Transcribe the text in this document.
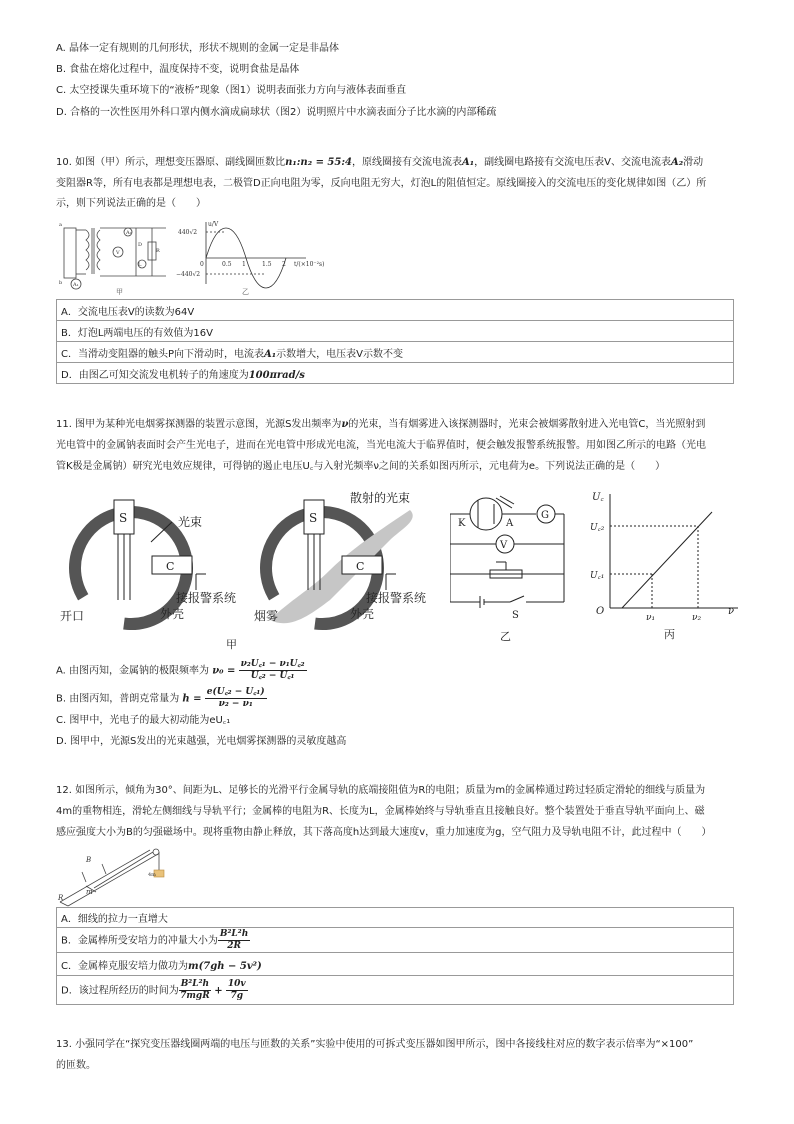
A. 晶体一定有规则的几何形状，形状不规则的金属一定是非晶体
B. 食盐在熔化过程中，温度保持不变，说明食盐是晶体
C. 太空授课失重环境下的“液桥”现象（图1）说明表面张力方向与液体表面垂直
D. 合格的一次性医用外科口罩内侧水滴成扁球状（图2）说明照片中水滴表面分子比水滴的内部稀疏
10. 如图（甲）所示，理想变压器原、副线圈匝数比n₁:n₂ = 55:4，原线圈接有交流电流表A₁，副线圈电路接有交流电压表V、交流电流表A₂滑动
变阻器R等，所有电表都是理想电表，二极管D正向电阻为零，反向电阻无穷大，灯泡L的阻值恒定。原线圈接入的交流电压的变化规律如图（乙）所
示，则下列说法正确的是（　　）
V
A₂
D
L
R
a
b A₁
甲
u/V
440√2
−440√2
0	0.5 1	1.5 2 t/(×10⁻²s)
乙
A．交流电压表V的读数为64V
B．灯泡L两端电压的有效值为16V
C．当滑动变阻器的触头P向下滑动时，电流表A₁示数增大，电压表V示数不变
D．由图乙可知交流发电机转子的角速度为100πrad/s
11. 图甲为某种光电烟雾探测器的装置示意图，光源S发出频率为ν的光束，当有烟雾进入该探测器时，光束会被烟雾散射进入光电管C，当光照射到
光电管中的金属钠表面时会产生光电子，进而在光电管中形成光电流，当光电流大于临界值时，便会触发报警系统报警。用如图乙所示的电路（光电
管K极是金属钠）研究光电效应规律，可得钠的遏止电压U꜀与入射光频率ν之间的关系如图丙所示，元电荷为e。下列说法正确的是（　　）
S	光束
C
接报警系统
开口	外壳
S
散射的光束
C
接报警系统
烟雾	外壳
甲
K	A
G
V
S
乙
U꜀
U꜀₂
U꜀₁
O
ν₁	ν₂
ν
丙
A. 由图丙知，金属钠的极限频率为 $\nu_0 = \frac{\text{ν₂U꜀₁ − ν₁U꜀₂}}{\text{U꜀₂ − U꜀₁}}$
B. 由图丙知，普朗克常量为 $h = \frac{\text{e(U꜀₂ − U꜀₁)}}{\text{ν₂ − ν₁}}$
C. 图甲中，光电子的最大初动能为eU꜀₁
D. 图甲中，光源S发出的光束越强，光电烟雾探测器的灵敏度越高
12. 如图所示，倾角为30°、间距为L、足够长的光滑平行金属导轨的底端接阻值为R的电阻；质量为m的金属棒通过跨过轻质定滑轮的细线与质量为
4m的重物相连，滑轮左侧细线与导轨平行；金属棒的电阻为R、长度为L，金属棒始终与导轨垂直且接触良好。整个装置处于垂直导轨平面向上、磁
感应强度大小为B的匀强磁场中。现将重物由静止释放，其下落高度h达到最大速度v，重力加速度为g，空气阻力及导轨电阻不计，此过程中（　　）
B
m
R
4m
A．细线的拉力一直增大
B．金属棒所受安培力的冲量大小为 $\frac{\text{B²L²h}}{2R}$

C．金属棒克服安培力做功为m(7gh − 5v²)
D．该过程所经历的时间为 $\frac{\text{B²L²h}}{\text{7mgR}} + \frac{10v}{7g}$
13. 小强同学在“探究变压器线圈两端的电压与匝数的关系”实验中使用的可拆式变压器如图甲所示，图中各接线柱对应的数字表示倍率为“×100”
的匝数。
